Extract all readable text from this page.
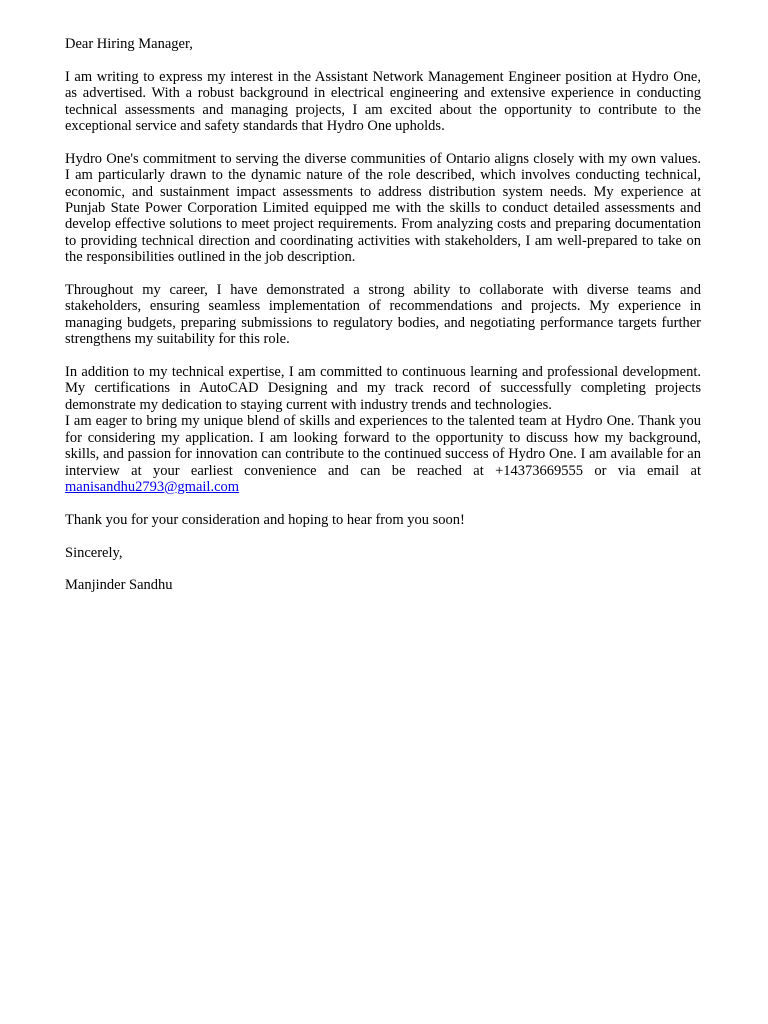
Dear Hiring Manager,

I am writing to express my interest in the Assistant Network Management Engineer position at Hydro One, as advertised. With a robust background in electrical engineering and extensive experience in conducting technical assessments and managing projects, I am excited about the opportunity to contribute to the exceptional service and safety standards that Hydro One upholds.

Hydro One's commitment to serving the diverse communities of Ontario aligns closely with my own values. I am particularly drawn to the dynamic nature of the role described, which involves conducting technical, economic, and sustainment impact assessments to address distribution system needs. My experience at Punjab State Power Corporation Limited equipped me with the skills to conduct detailed assessments and develop effective solutions to meet project requirements. From analyzing costs and preparing documentation to providing technical direction and coordinating activities with stakeholders, I am well-prepared to take on the responsibilities outlined in the job description.

Throughout my career, I have demonstrated a strong ability to collaborate with diverse teams and stakeholders, ensuring seamless implementation of recommendations and projects. My experience in managing budgets, preparing submissions to regulatory bodies, and negotiating performance targets further strengthens my suitability for this role.

In addition to my technical expertise, I am committed to continuous learning and professional development. My certifications in AutoCAD Designing and my track record of successfully completing projects demonstrate my dedication to staying current with industry trends and technologies.

I am eager to bring my unique blend of skills and experiences to the talented team at Hydro One. Thank you for considering my application. I am looking forward to the opportunity to discuss how my background, skills, and passion for innovation can contribute to the continued success of Hydro One. I am available for an interview at your earliest convenience and can be reached at +14373669555 or via email at manisandhu2793@gmail.com

Thank you for your consideration and hoping to hear from you soon!

Sincerely,

Manjinder Sandhu
